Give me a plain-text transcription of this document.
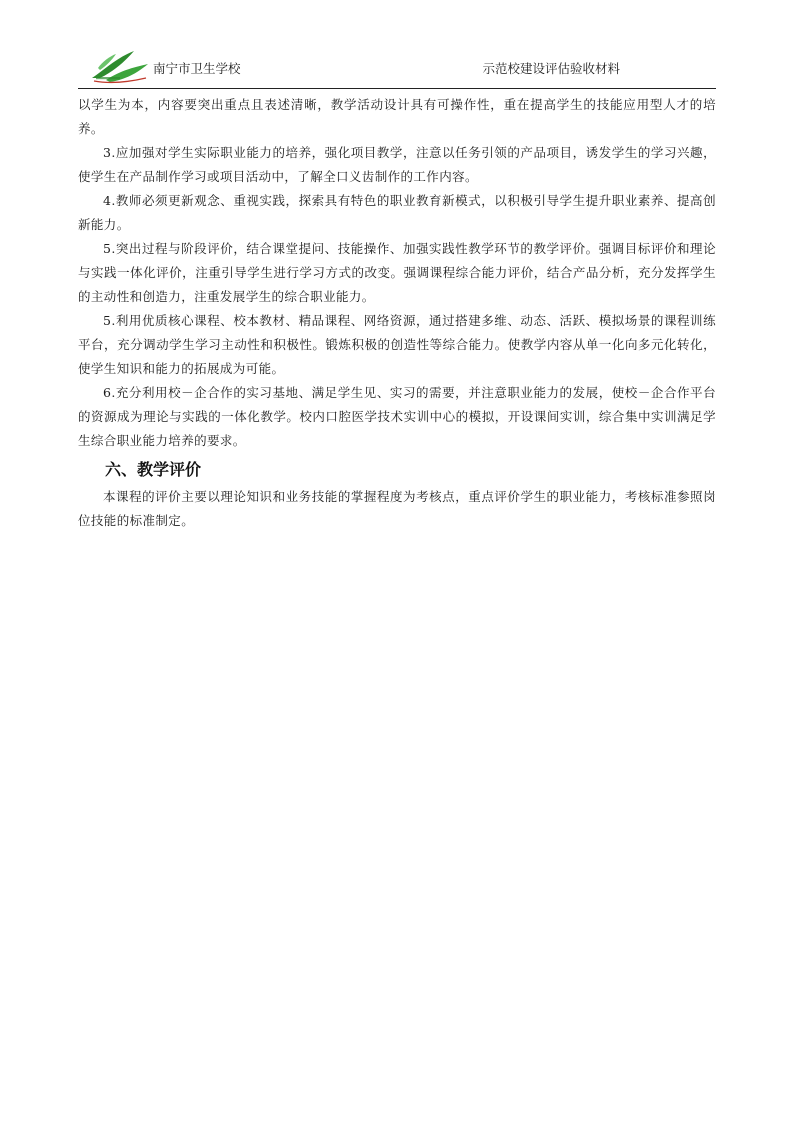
南宁市卫生学校	示范校建设评估验收材料

以学生为本，内容要突出重点且表述清晰，教学活动设计具有可操作性，重在提高学生的技能应用型人才的培养。

3.应加强对学生实际职业能力的培养，强化项目教学，注意以任务引领的产品项目，诱发学生的学习兴趣，使学生在产品制作学习或项目活动中，了解全口义齿制作的工作内容。

4.教师必须更新观念、重视实践，探索具有特色的职业教育新模式，以积极引导学生提升职业素养、提高创新能力。

5.突出过程与阶段评价，结合课堂提问、技能操作、加强实践性教学环节的教学评价。强调目标评价和理论与实践一体化评价，注重引导学生进行学习方式的改变。强调课程综合能力评价，结合产品分析，充分发挥学生的主动性和创造力，注重发展学生的综合职业能力。

5.利用优质核心课程、校本教材、精品课程、网络资源，通过搭建多维、动态、活跃、模拟场景的课程训练平台，充分调动学生学习主动性和积极性。锻炼积极的创造性等综合能力。使教学内容从单一化向多元化转化，使学生知识和能力的拓展成为可能。

6.充分利用校－企合作的实习基地、满足学生见、实习的需要，并注意职业能力的发展，使校－企合作平台的资源成为理论与实践的一体化教学。校内口腔医学技术实训中心的模拟，开设课间实训，综合集中实训满足学生综合职业能力培养的要求。

六、教学评价

本课程的评价主要以理论知识和业务技能的掌握程度为考核点，重点评价学生的职业能力，考核标准参照岗位技能的标准制定。
